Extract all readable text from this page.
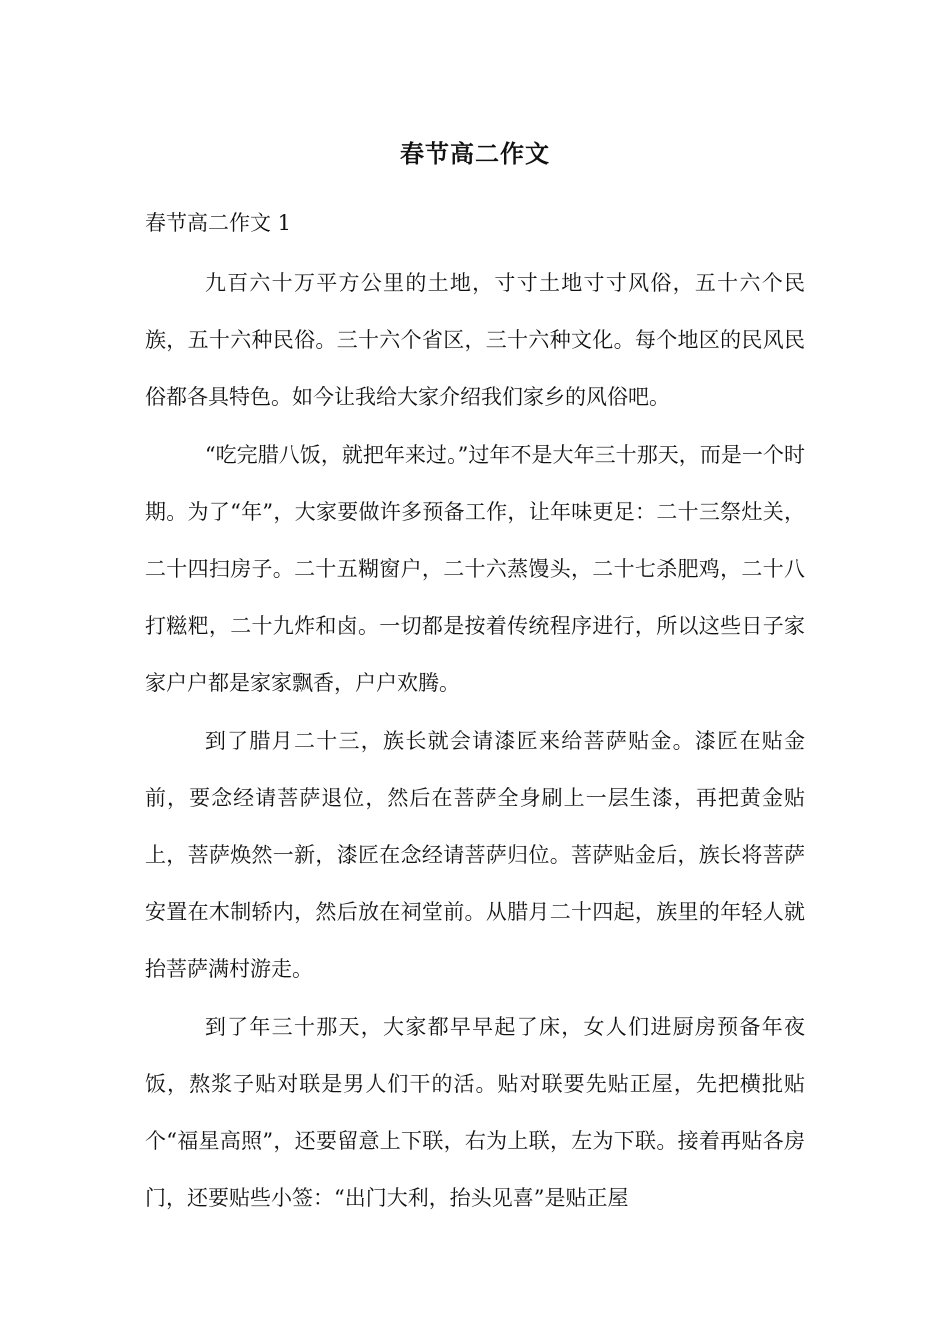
春节高二作文
春节高二作文 1

九百六十万平方公里的土地，寸寸土地寸寸风俗，五十六个民族，五十六种民俗。三十六个省区，三十六种文化。每个地区的民风民俗都各具特色。如今让我给大家介绍我们家乡的风俗吧。

“吃完腊八饭，就把年来过。”过年不是大年三十那天，而是一个时期。为了“年”，大家要做许多预备工作，让年味更足：二十三祭灶关，二十四扫房子。二十五糊窗户，二十六蒸馒头，二十七杀肥鸡，二十八打糍粑，二十九炸和卤。一切都是按着传统程序进行，所以这些日子家家户户都是家家飘香，户户欢腾。

到了腊月二十三，族长就会请漆匠来给菩萨贴金。漆匠在贴金前，要念经请菩萨退位，然后在菩萨全身刷上一层生漆，再把黄金贴上，菩萨焕然一新，漆匠在念经请菩萨归位。菩萨贴金后，族长将菩萨安置在木制轿内，然后放在祠堂前。从腊月二十四起，族里的年轻人就抬菩萨满村游走。

到了年三十那天，大家都早早起了床，女人们进厨房预备年夜饭，熬浆子贴对联是男人们干的活。贴对联要先贴正屋，先把横批贴个“福星高照”，还要留意上下联，右为上联，左为下联。接着再贴各房门，还要贴些小签：“出门大利，抬头见喜”是贴正屋
